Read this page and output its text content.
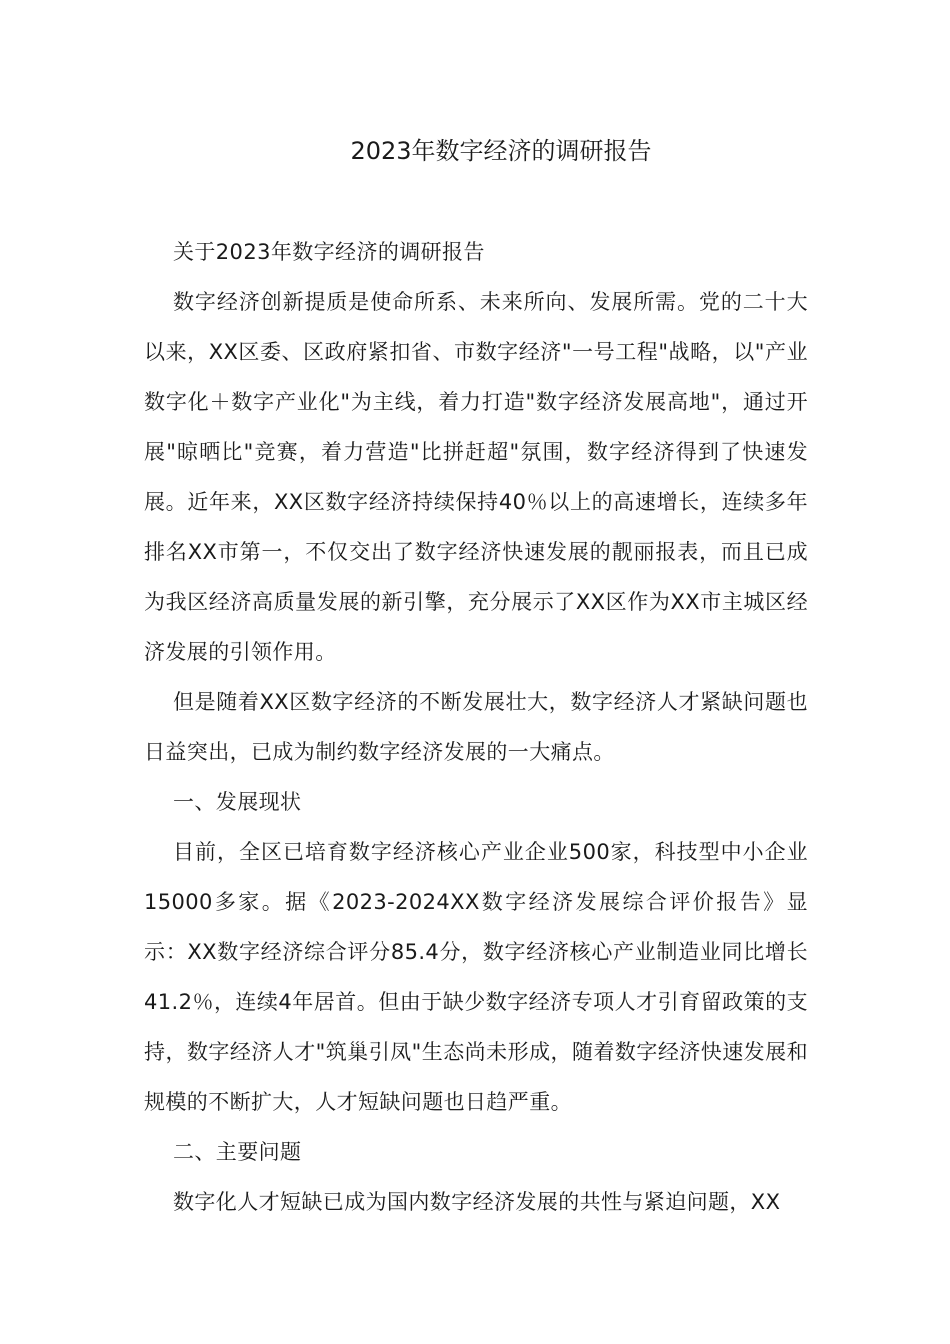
2023年数字经济的调研报告

关于2023年数字经济的调研报告

数字经济创新提质是使命所系、未来所向、发展所需。党的二十大以来，XX区委、区政府紧扣省、市数字经济"一号工程"战略，以"产业数字化＋数字产业化"为主线，着力打造"数字经济发展高地"，通过开展"晾晒比"竞赛，着力营造"比拼赶超"氛围，数字经济得到了快速发展。近年来，XX区数字经济持续保持40％以上的高速增长，连续多年排名XX市第一，不仅交出了数字经济快速发展的靓丽报表，而且已成为我区经济高质量发展的新引擎，充分展示了XX区作为XX市主城区经济发展的引领作用。

但是随着XX区数字经济的不断发展壮大，数字经济人才紧缺问题也日益突出，已成为制约数字经济发展的一大痛点。

一、发展现状

目前，全区已培育数字经济核心产业企业500家，科技型中小企业15000多家。据《2023-2024XX数字经济发展综合评价报告》显示：XX数字经济综合评分85.4分，数字经济核心产业制造业同比增长41.2％，连续4年居首。但由于缺少数字经济专项人才引育留政策的支持，数字经济人才"筑巢引凤"生态尚未形成，随着数字经济快速发展和规模的不断扩大，人才短缺问题也日趋严重。

二、主要问题

数字化人才短缺已成为国内数字经济发展的共性与紧迫问题，XX
